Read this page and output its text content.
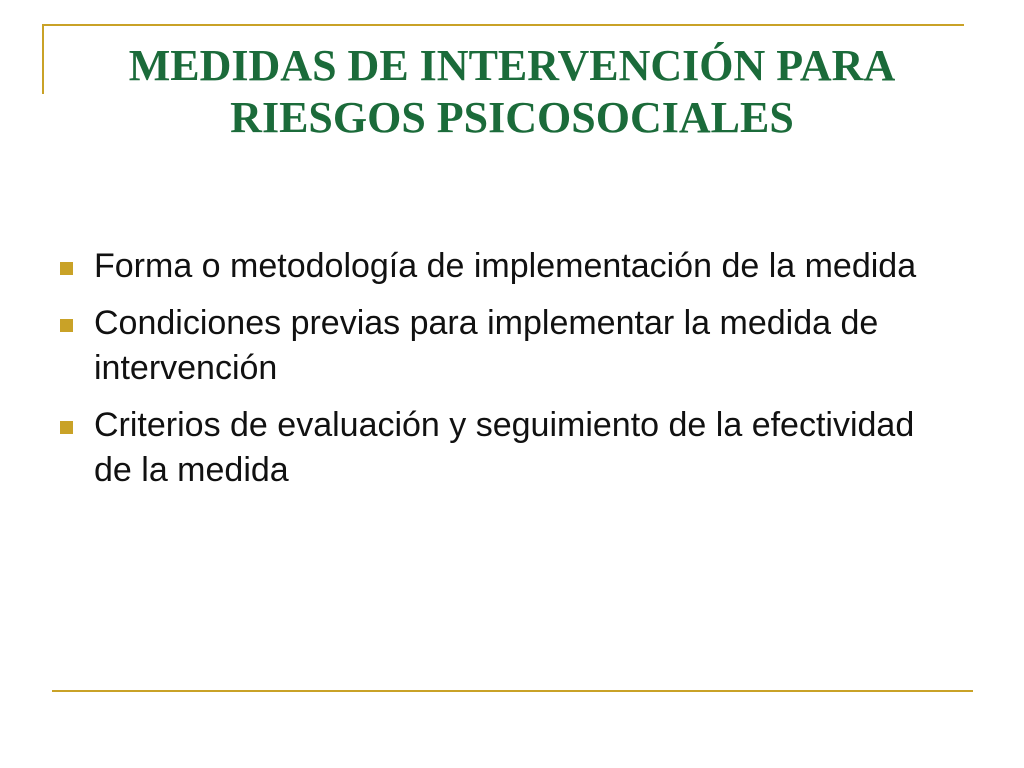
MEDIDAS DE INTERVENCIÓN PARA
RIESGOS PSICOSOCIALES
Forma o metodología de implementación de la medida
Condiciones previas para implementar la medida de intervención
Criterios de evaluación y seguimiento de la efectividad de la medida
